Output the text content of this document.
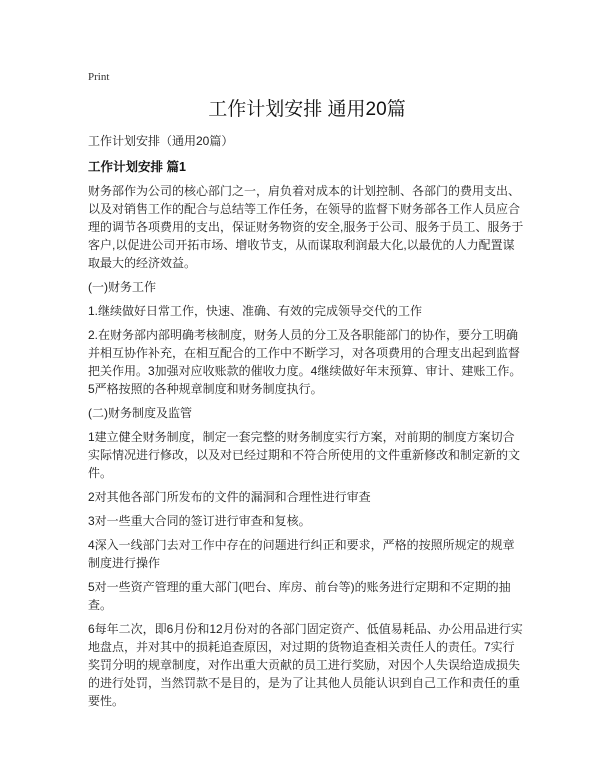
Print
工作计划安排 通用20篇

工作计划安排（通用20篇）

工作计划安排 篇1

财务部作为公司的核心部门之一，肩负着对成本的计划控制、各部门的费用支出、以及对销售工作的配合与总结等工作任务，在领导的监督下财务部各工作人员应合理的调节各项费用的支出，保证财务物资的安全,服务于公司、服务于员工、服务于客户,以促进公司开拓市场、增收节支，从而谋取利润最大化,以最优的人力配置谋取最大的经济效益。

(一)财务工作

1.继续做好日常工作，快速、准确、有效的完成领导交代的工作

2.在财务部内部明确考核制度，财务人员的分工及各职能部门的协作，要分工明确并相互协作补充，在相互配合的工作中不断学习，对各项费用的合理支出起到监督把关作用。3加强对应收账款的催收力度。4继续做好年末预算、审计、建账工作。5严格按照的各种规章制度和财务制度执行。

(二)财务制度及监管

1建立健全财务制度，制定一套完整的财务制度实行方案，对前期的制度方案切合实际情况进行修改，以及对已经过期和不符合所使用的文件重新修改和制定新的文件。

2对其他各部门所发布的文件的漏洞和合理性进行审查

3对一些重大合同的签订进行审查和复核。

4深入一线部门去对工作中存在的问题进行纠正和要求，严格的按照所规定的规章制度进行操作

5对一些资产管理的重大部门(吧台、库房、前台等)的账务进行定期和不定期的抽查。

6每年二次，即6月份和12月份对的各部门固定资产、低值易耗品、办公用品进行实地盘点，并对其中的损耗追查原因，对过期的货物追查相关责任人的责任。7实行奖罚分明的规章制度，对作出重大贡献的员工进行奖励，对因个人失误给造成损失的进行处罚，当然罚款不是目的，是为了让其他人员能认识到自己工作和责任的重要性。
